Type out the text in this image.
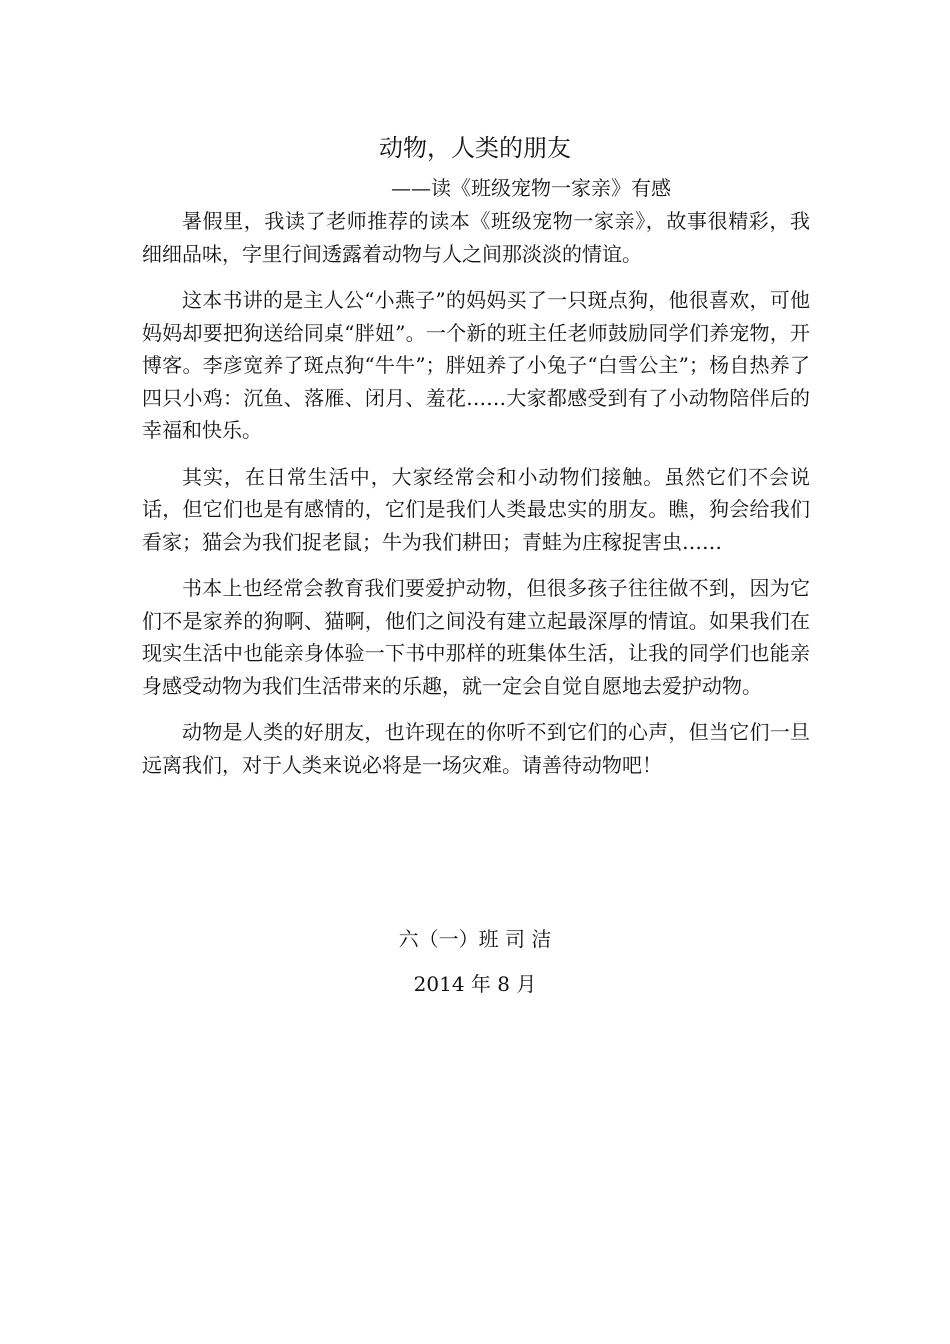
动物，人类的朋友
——读《班级宠物一家亲》有感

暑假里，我读了老师推荐的读本《班级宠物一家亲》，故事很精彩，我细细品味，字里行间透露着动物与人之间那淡淡的情谊。

这本书讲的是主人公“小燕子”的妈妈买了一只斑点狗，他很喜欢，可他妈妈却要把狗送给同桌“胖妞”。一个新的班主任老师鼓励同学们养宠物，开博客。李彦宽养了斑点狗“牛牛”；胖妞养了小兔子“白雪公主”；杨自热养了四只小鸡：沉鱼、落雁、闭月、羞花……大家都感受到有了小动物陪伴后的幸福和快乐。

其实，在日常生活中，大家经常会和小动物们接触。虽然它们不会说话，但它们也是有感情的，它们是我们人类最忠实的朋友。瞧，狗会给我们看家；猫会为我们捉老鼠；牛为我们耕田；青蛙为庄稼捉害虫……

书本上也经常会教育我们要爱护动物，但很多孩子往往做不到，因为它们不是家养的狗啊、猫啊，他们之间没有建立起最深厚的情谊。如果我们在现实生活中也能亲身体验一下书中那样的班集体生活，让我的同学们也能亲身感受动物为我们生活带来的乐趣，就一定会自觉自愿地去爱护动物。

动物是人类的好朋友，也许现在的你听不到它们的心声，但当它们一旦远离我们，对于人类来说必将是一场灾难。请善待动物吧！

六（一）班 司 洁
2014 年 8 月
